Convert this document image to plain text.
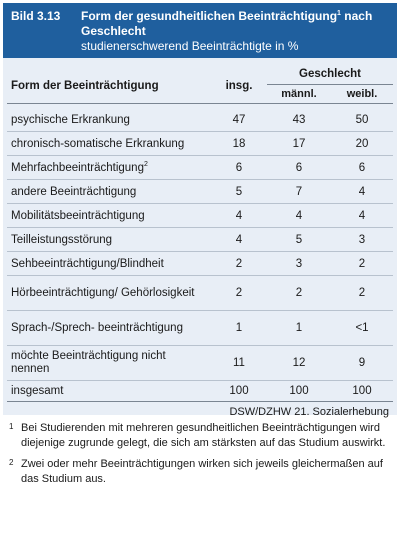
Bild 3.13	Form der gesundheitlichen Beeinträchtigung$^1$ nach Geschlecht
studienerschwerend Beeinträchtigte in %
Form der Beeinträchtigung	insg.	Geschlecht	
		männl.	weibl.
psychische Erkrankung	47	43	50
chronisch-somatische Erkrankung	18	17	20
Mehrfachbeeinträchtigung$^2$	6	6	6
andere Beeinträchtigung	5	7	4
Mobilitätsbeeinträchtigung	4	4	4
Teilleistungsstörung	4	5	3
Sehbeeinträchtigung/Blindheit	2	3	2
Hörbeeinträchtigung/ Gehörlosigkeit	2	2	2
Sprach-/Sprech- beeinträchtigung	1	1	<1
möchte Beeinträchtigung nicht nennen	11	12	9
insgesamt	100	100	100
DSW/DZHW 21. Sozialerhebung
1 Bei Studierenden mit mehreren gesundheitlichen Beeinträchtigungen wird diejenige zugrunde gelegt, die sich am stärksten auf das Studium auswirkt.
2 Zwei oder mehr Beeinträchtigungen wirken sich jeweils gleichermaßen auf das Studium aus.
